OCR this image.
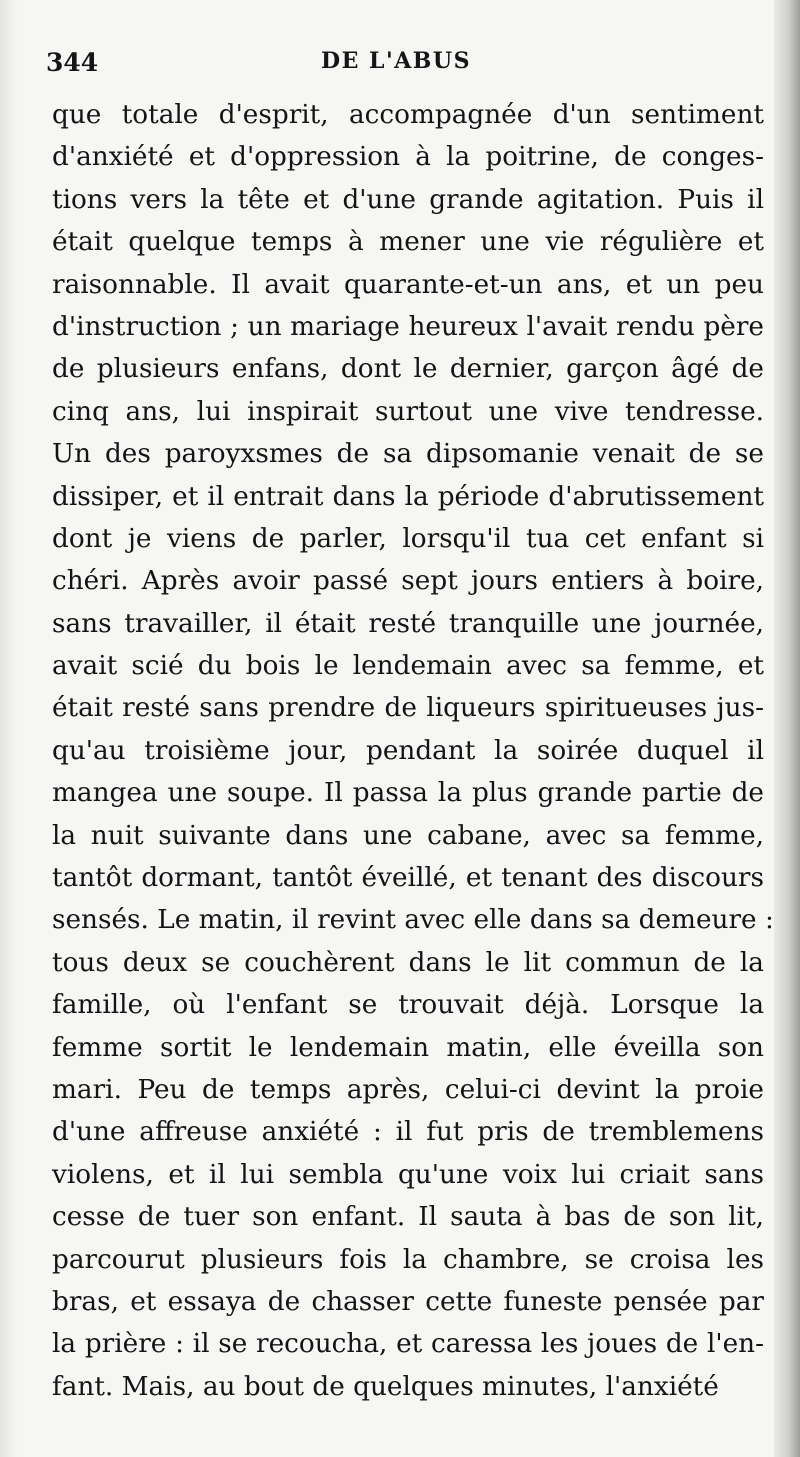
344	DE L'ABUS
que totale d'esprit, accompagnée d'un sentiment
d'anxiété et d'oppression à la poitrine, de conges-
tions vers la tête et d'une grande agitation. Puis il
était quelque temps à mener une vie régulière et
raisonnable. Il avait quarante-et-un ans, et un peu
d'instruction ; un mariage heureux l'avait rendu père
de plusieurs enfans, dont le dernier, garçon âgé de
cinq ans, lui inspirait surtout une vive tendresse.
Un des paroyxsmes de sa dipsomanie venait de se
dissiper, et il entrait dans la période d'abrutissement
dont je viens de parler, lorsqu'il tua cet enfant si
chéri. Après avoir passé sept jours entiers à boire,
sans travailler, il était resté tranquille une journée,
avait scié du bois le lendemain avec sa femme, et
était resté sans prendre de liqueurs spiritueuses jus-
qu'au troisième jour, pendant la soirée duquel il
mangea une soupe. Il passa la plus grande partie de
la nuit suivante dans une cabane, avec sa femme,
tantôt dormant, tantôt éveillé, et tenant des discours
sensés. Le matin, il revint avec elle dans sa demeure :
tous deux se couchèrent dans le lit commun de la
famille, où l'enfant se trouvait déjà. Lorsque la
femme sortit le lendemain matin, elle éveilla son
mari. Peu de temps après, celui-ci devint la proie
d'une affreuse anxiété : il fut pris de tremblemens
violens, et il lui sembla qu'une voix lui criait sans
cesse de tuer son enfant. Il sauta à bas de son lit,
parcourut plusieurs fois la chambre, se croisa les
bras, et essaya de chasser cette funeste pensée par
la prière : il se recoucha, et caressa les joues de l'en-
fant. Mais, au bout de quelques minutes, l'anxiété
